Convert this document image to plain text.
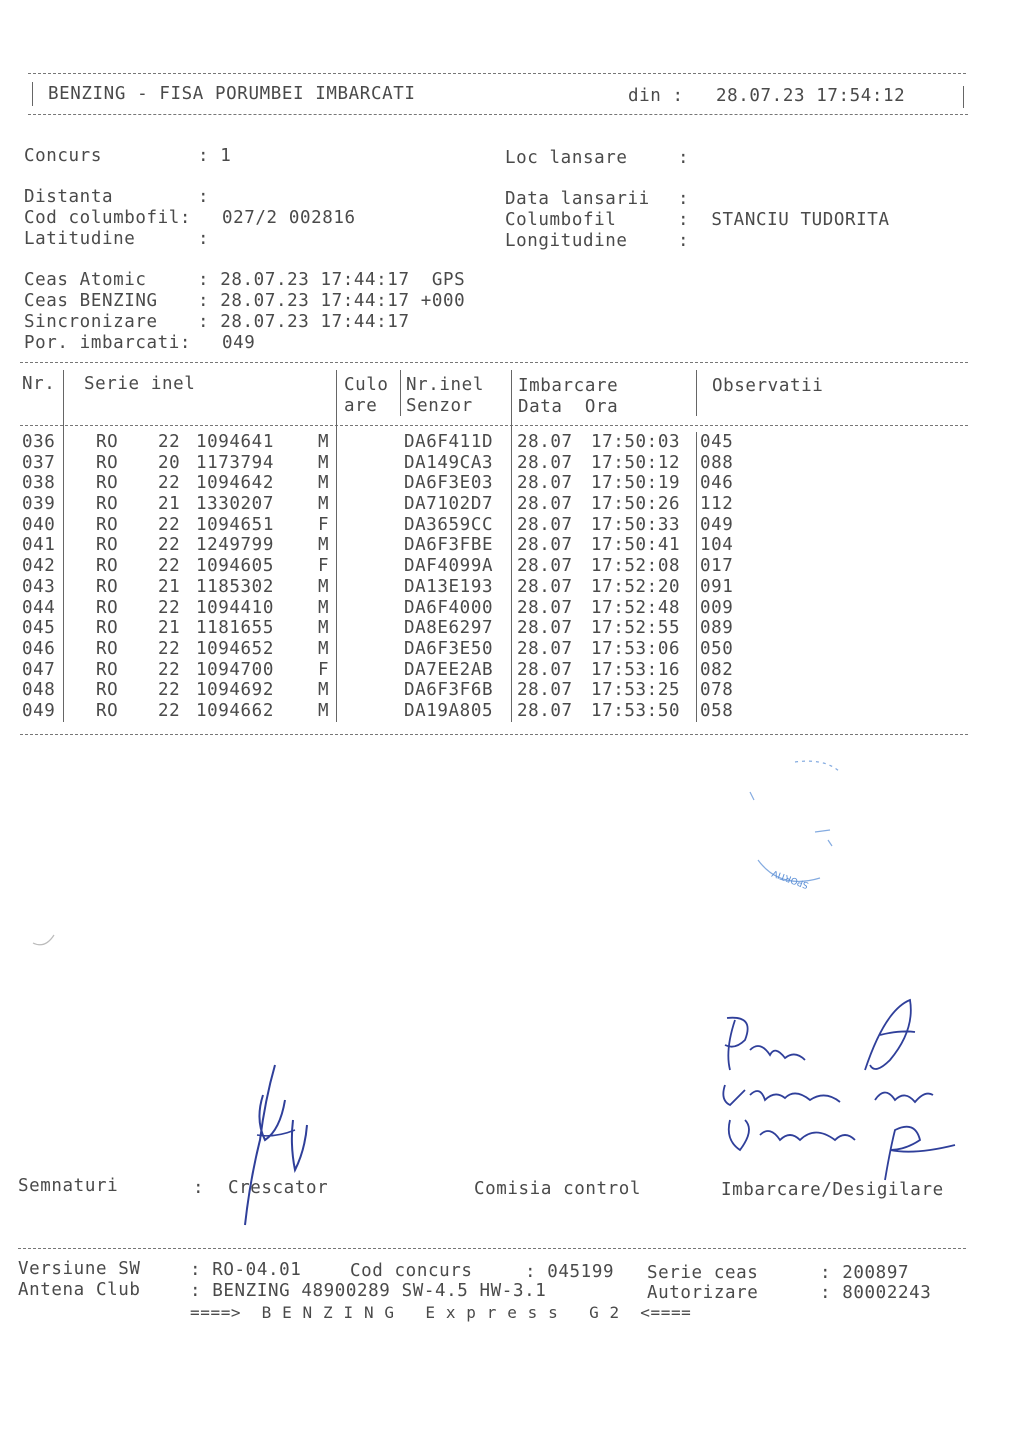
BENZING - FISA PORUMBEI IMBARCATI	din : 28.07.23 17:54:12
Concurs	: 1	Loc lansare	:
Distanta	:	Data lansarii :
Cod columbofil: 027/2 002816	Columbofil	:  STANCIU TUDORITA
Latitudine	:	Longitudine	:
Ceas Atomic	: 28.07.23 17:44:17  GPS
Ceas BENZING : 28.07.23 17:44:17 +000
Sincronizare : 28.07.23 17:44:17
Por. imbarcati: 049
Nr. Serie inel	Culo
are
Nr.inel
Senzor
Imbarcare
Data  Ora
Observatii
036 RO 22 1094641	M	DA6F411D 28.07 17:50:03 045
037 RO 20 1173794	M	DA149CA3 28.07 17:50:12 088
038 RO 22 1094642	M	DA6F3E03 28.07 17:50:19 046
039 RO 21 1330207	M	DA7102D7 28.07 17:50:26 112
040 RO 22 1094651	F	DA3659CC 28.07 17:50:33 049
041 RO 22 1249799	M	DA6F3FBE 28.07 17:50:41 104
042 RO 22 1094605	F	DAF4099A 28.07 17:52:08 017
043 RO 21 1185302	M	DA13E193 28.07 17:52:20 091
044 RO 22 1094410	M	DA6F4000 28.07 17:52:48 009
045 RO 21 1181655	M	DA8E6297 28.07 17:52:55 089
046 RO 22 1094652	M	DA6F3E50 28.07 17:53:06 050
047 RO 22 1094700	F	DA7EE2AB 28.07 17:53:16 082
048 RO 22 1094692	M	DA6F3F6B 28.07 17:53:25 078
049 RO 22 1094662	M	DA19A805 28.07 17:53:50 058
SPORTIV
Semnaturi	: Crescator	Comisia control	Imbarcare/Desigilare
Versiune SW	: RO-04.01	Cod concurs	: 045199 Serie ceas	: 200897
Antena Club	: BENZING 48900289 SW-4.5 HW-3.1	Autorizare	: 80002243
====>  B E N Z I N G   E x p r e s s   G 2  <====
